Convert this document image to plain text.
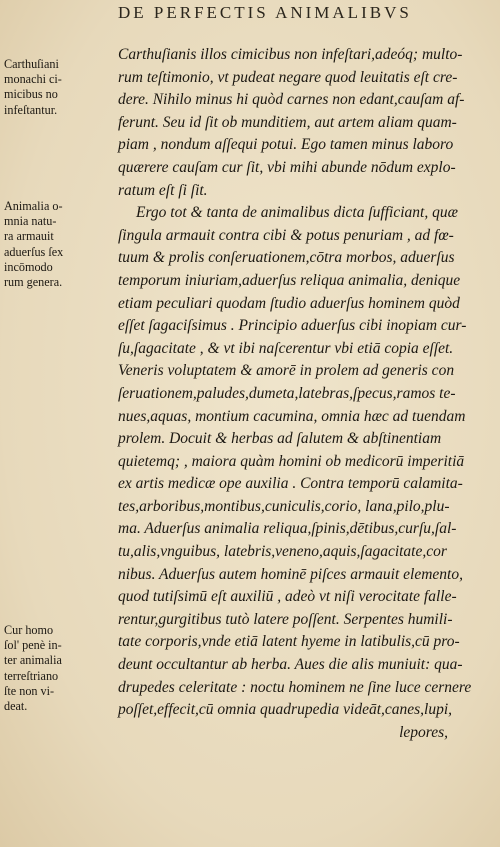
DE PERFECTIS ANIMALIBVS
Carthuſiani
monachi ci-
micibus no
infeſtantur.
Animalia o-
mnia natu-
ra armauit
aduerſus ſex
incōmodo
rum genera.
Cur homo
ſol' penè in-
ter animalia
terreſtriano
ſte non vi-
deat.
Carthuſianis illos cimicibus non infeſtari,adeóq; multo-
rum teſtimonio, vt pudeat negare quod leuitatis eſt cre-
dere. Nihilo minus hi quòd carnes non edant,cauſam af-
ferunt. Seu id ſit ob munditiem, aut artem aliam quam-
piam , nondum aſſequi potui. Ego tamen minus laboro
quærere cauſam cur ſit, vbi mihi abunde nōdum explo-
ratum eſt ſi ſit.
Ergo tot & tanta de animalibus dicta ſufficiant, quæ
ſingula armauit contra cibi & potus penuriam , ad fœ-
tuum & prolis conſeruationem,cōtra morbos, aduerſus
temporum iniuriam,aduerſus reliqua animalia, denique
etiam peculiari quodam ſtudio aduerſus hominem quòd
eſſet ſagaciſsimus . Principio aduerſus cibi inopiam cur-
ſu,ſagacitate , & vt ibi naſcerentur vbi etiā copia eſſet.
Veneris voluptatem & amorē in prolem ad generis con
ſeruationem,paludes,dumeta,latebras,ſpecus,ramos te-
nues,aquas, montium cacumina, omnia hæc ad tuendam
prolem. Docuit & herbas ad ſalutem & abſtinentiam
quietemq; , maiora quàm homini ob medicorū imperitiā
ex artis medicæ ope auxilia . Contra temporū calamita-
tes,arboribus,montibus,cuniculis,corio, lana,pilo,plu-
ma. Aduerſus animalia reliqua,ſpinis,dētibus,curſu,ſal-
tu,alis,vnguibus, latebris,veneno,aquis,ſagacitate,cor
nibus. Aduerſus autem hominē piſces armauit elemento,
quod tutiſsimū eſt auxiliū , adeò vt niſi verocitate falle-
rentur,gurgitibus tutò latere poſſent. Serpentes humili-
tate corporis,vnde etiā latent hyeme in latibulis,cū pro-
deunt occultantur ab herba. Aues die alis muniuit: qua-
drupedes celeritate : noctu hominem ne ſine luce cernere
poſſet,effecit,cū omnia quadrupedia videāt,canes,lupi,
lepores,
